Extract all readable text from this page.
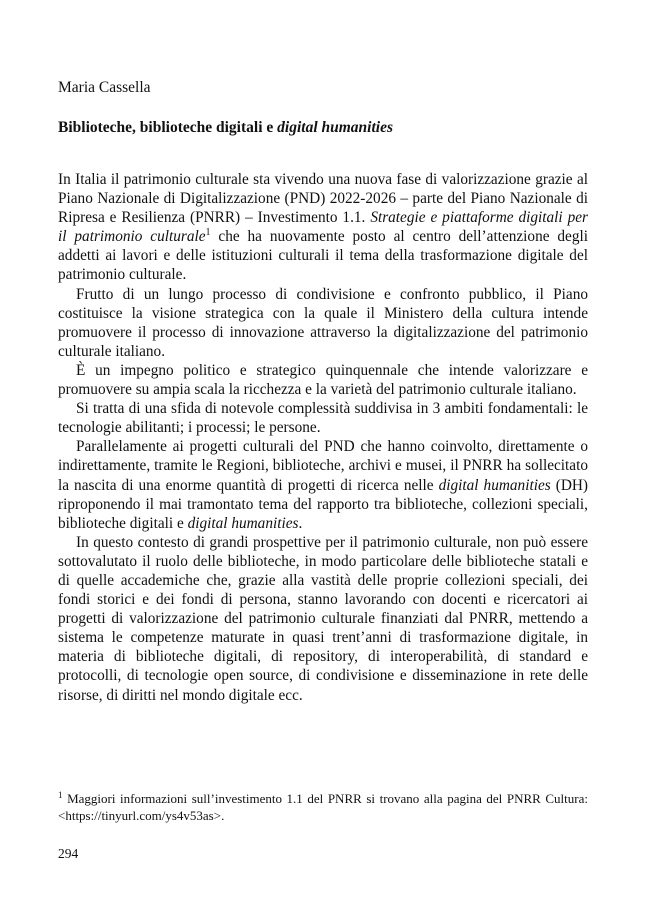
Maria Cassella
Biblioteche, biblioteche digitali e digital humanities

In Italia il patrimonio culturale sta vivendo una nuova fase di valorizzazione grazie al Piano Nazionale di Digitalizzazione (PND) 2022-2026 – parte del Piano Nazionale di Ripresa e Resilienza (PNRR) – Investimento 1.1. Strategie e piattaforme digitali per il patrimonio culturale$^1$ che ha nuovamente posto al centro dell’attenzione degli addetti ai lavori e delle istituzioni culturali il tema della trasformazione digitale del patrimonio culturale.

Frutto di un lungo processo di condivisione e confronto pubblico, il Piano costituisce la visione strategica con la quale il Ministero della cultura intende promuovere il processo di innovazione attraverso la digitalizzazione del patrimonio culturale italiano.

È un impegno politico e strategico quinquennale che intende valorizzare e promuovere su ampia scala la ricchezza e la varietà del patrimonio culturale italiano.

Si tratta di una sfida di notevole complessità suddivisa in 3 ambiti fondamentali: le tecnologie abilitanti; i processi; le persone.

Parallelamente ai progetti culturali del PND che hanno coinvolto, direttamente o indirettamente, tramite le Regioni, biblioteche, archivi e musei, il PNRR ha sollecitato la nascita di una enorme quantità di progetti di ricerca nelle digital humanities (DH) riproponendo il mai tramontato tema del rapporto tra biblioteche, collezioni speciali, biblioteche digitali e digital humanities.

In questo contesto di grandi prospettive per il patrimonio culturale, non può essere sottovalutato il ruolo delle biblioteche, in modo particolare delle biblioteche statali e di quelle accademiche che, grazie alla vastità delle proprie collezioni speciali, dei fondi storici e dei fondi di persona, stanno lavorando con docenti e ricercatori ai progetti di valorizzazione del patrimonio culturale finanziati dal PNRR, mettendo a sistema le competenze maturate in quasi trent’anni di trasformazione digitale, in materia di biblioteche digitali, di repository, di interoperabilità, di standard e protocolli, di tecnologie open source, di condivisione e disseminazione in rete delle risorse, di diritti nel mondo digitale ecc.

$^1$ Maggiori informazioni sull’investimento 1.1 del PNRR si trovano alla pagina del PNRR Cultura: <https://tinyurl.com/ys4v53as>.
294
